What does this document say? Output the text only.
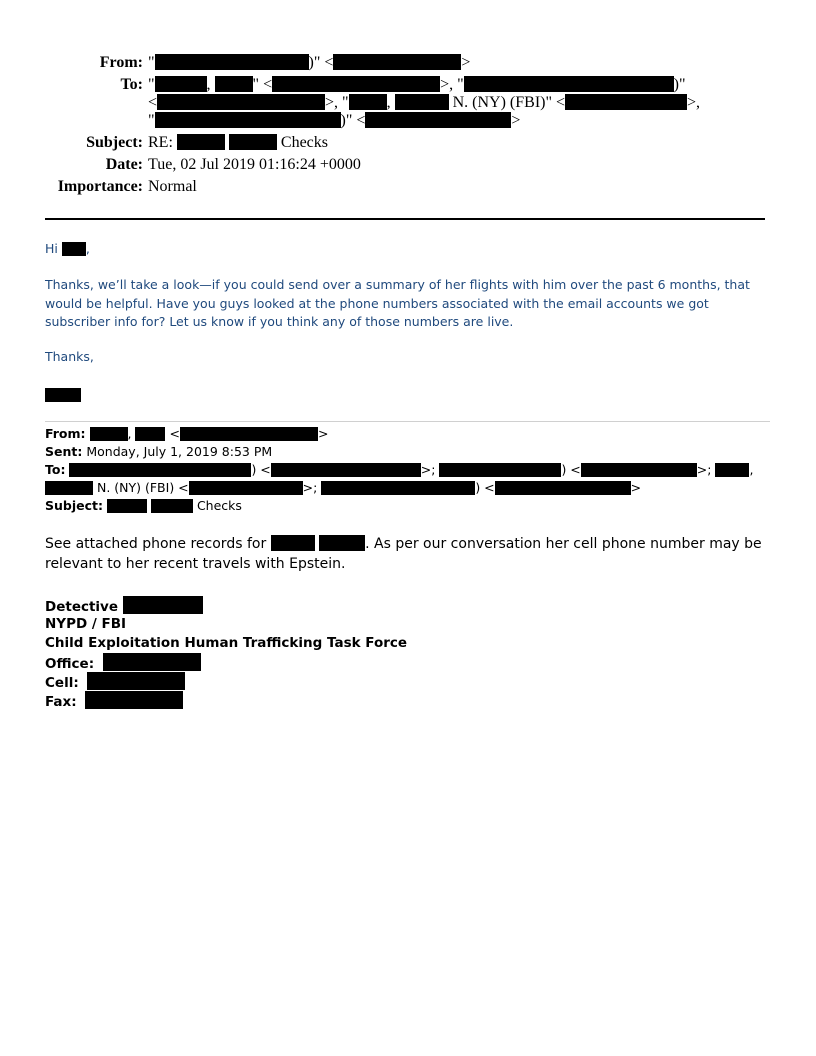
From: "	)" <	>
To: "	,	" <	>, "	)"
<	>, " ,	N. (NY) (FBI)" <	>,
"	)" <	>
Subject: RE:	Checks
Date: Tue, 02 Jul 2019 01:16:24 +0000
Importance: Normal
Hi ,
Thanks, we’ll take a look—if you could send over a summary of her flights with him over the past 6 months, that would be helpful. Have you guys looked at the phone numbers associated with the email accounts we got subscriber info for? Let us know if you think any of those numbers are live.
Thanks,
From:	,	<	>
Sent: Monday, July 1, 2019 8:53 PM
To:	) <	>;	) <	>;	,
N. (NY) (FBI) <	>;	) <	>
Subject:	Checks
See attached phone records for	. As per our conversation her cell phone number may be
relevant to her recent travels with Epstein.
Detective
NYPD / FBI
Child Exploitation Human Trafficking Task Force
Office:
Cell:
Fax:
